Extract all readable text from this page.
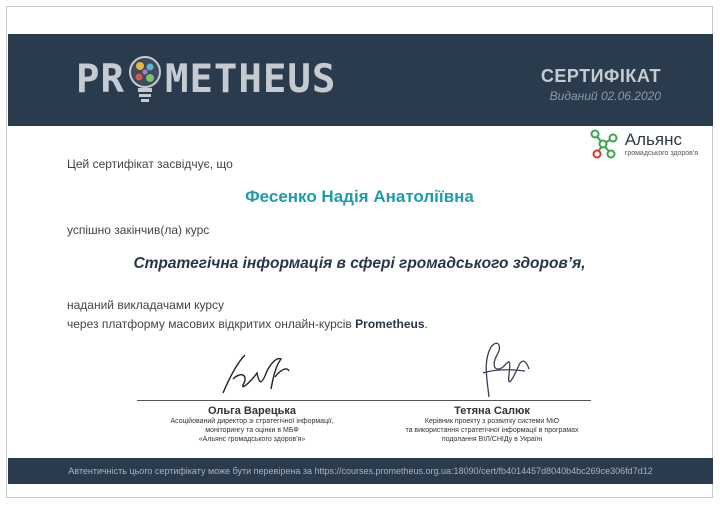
PR METHEUS	СЕРТИФІКАТ
Виданий 02.06.2020
Альянс
громадського здоров'я
Цей сертифікат засвідчує, що
Фесенко Надія Анатоліївна
успішно закінчив(ла) курс
Стратегічна інформація в сфері громадського здоров’я,
наданий викладачами курсу
через платформу масових відкритих онлайн-курсів Prometheus.
Ольга Варецька
Асоційований директор зі стратегічної інформації,
моніторингу та оцінки в МБФ
«Альянс громадського здоров'я»
Тетяна Салюк
Керівник проекту з розвитку системи МіО
та використання стратегічної інформації в програмах
подолання ВІЛ/СНІДу в Україні
Автентичність цього сертифікату може бути перевірена за https://courses.prometheus.org.ua:18090/cert/fb4014457d8040b4bc269ce306fd7d12
